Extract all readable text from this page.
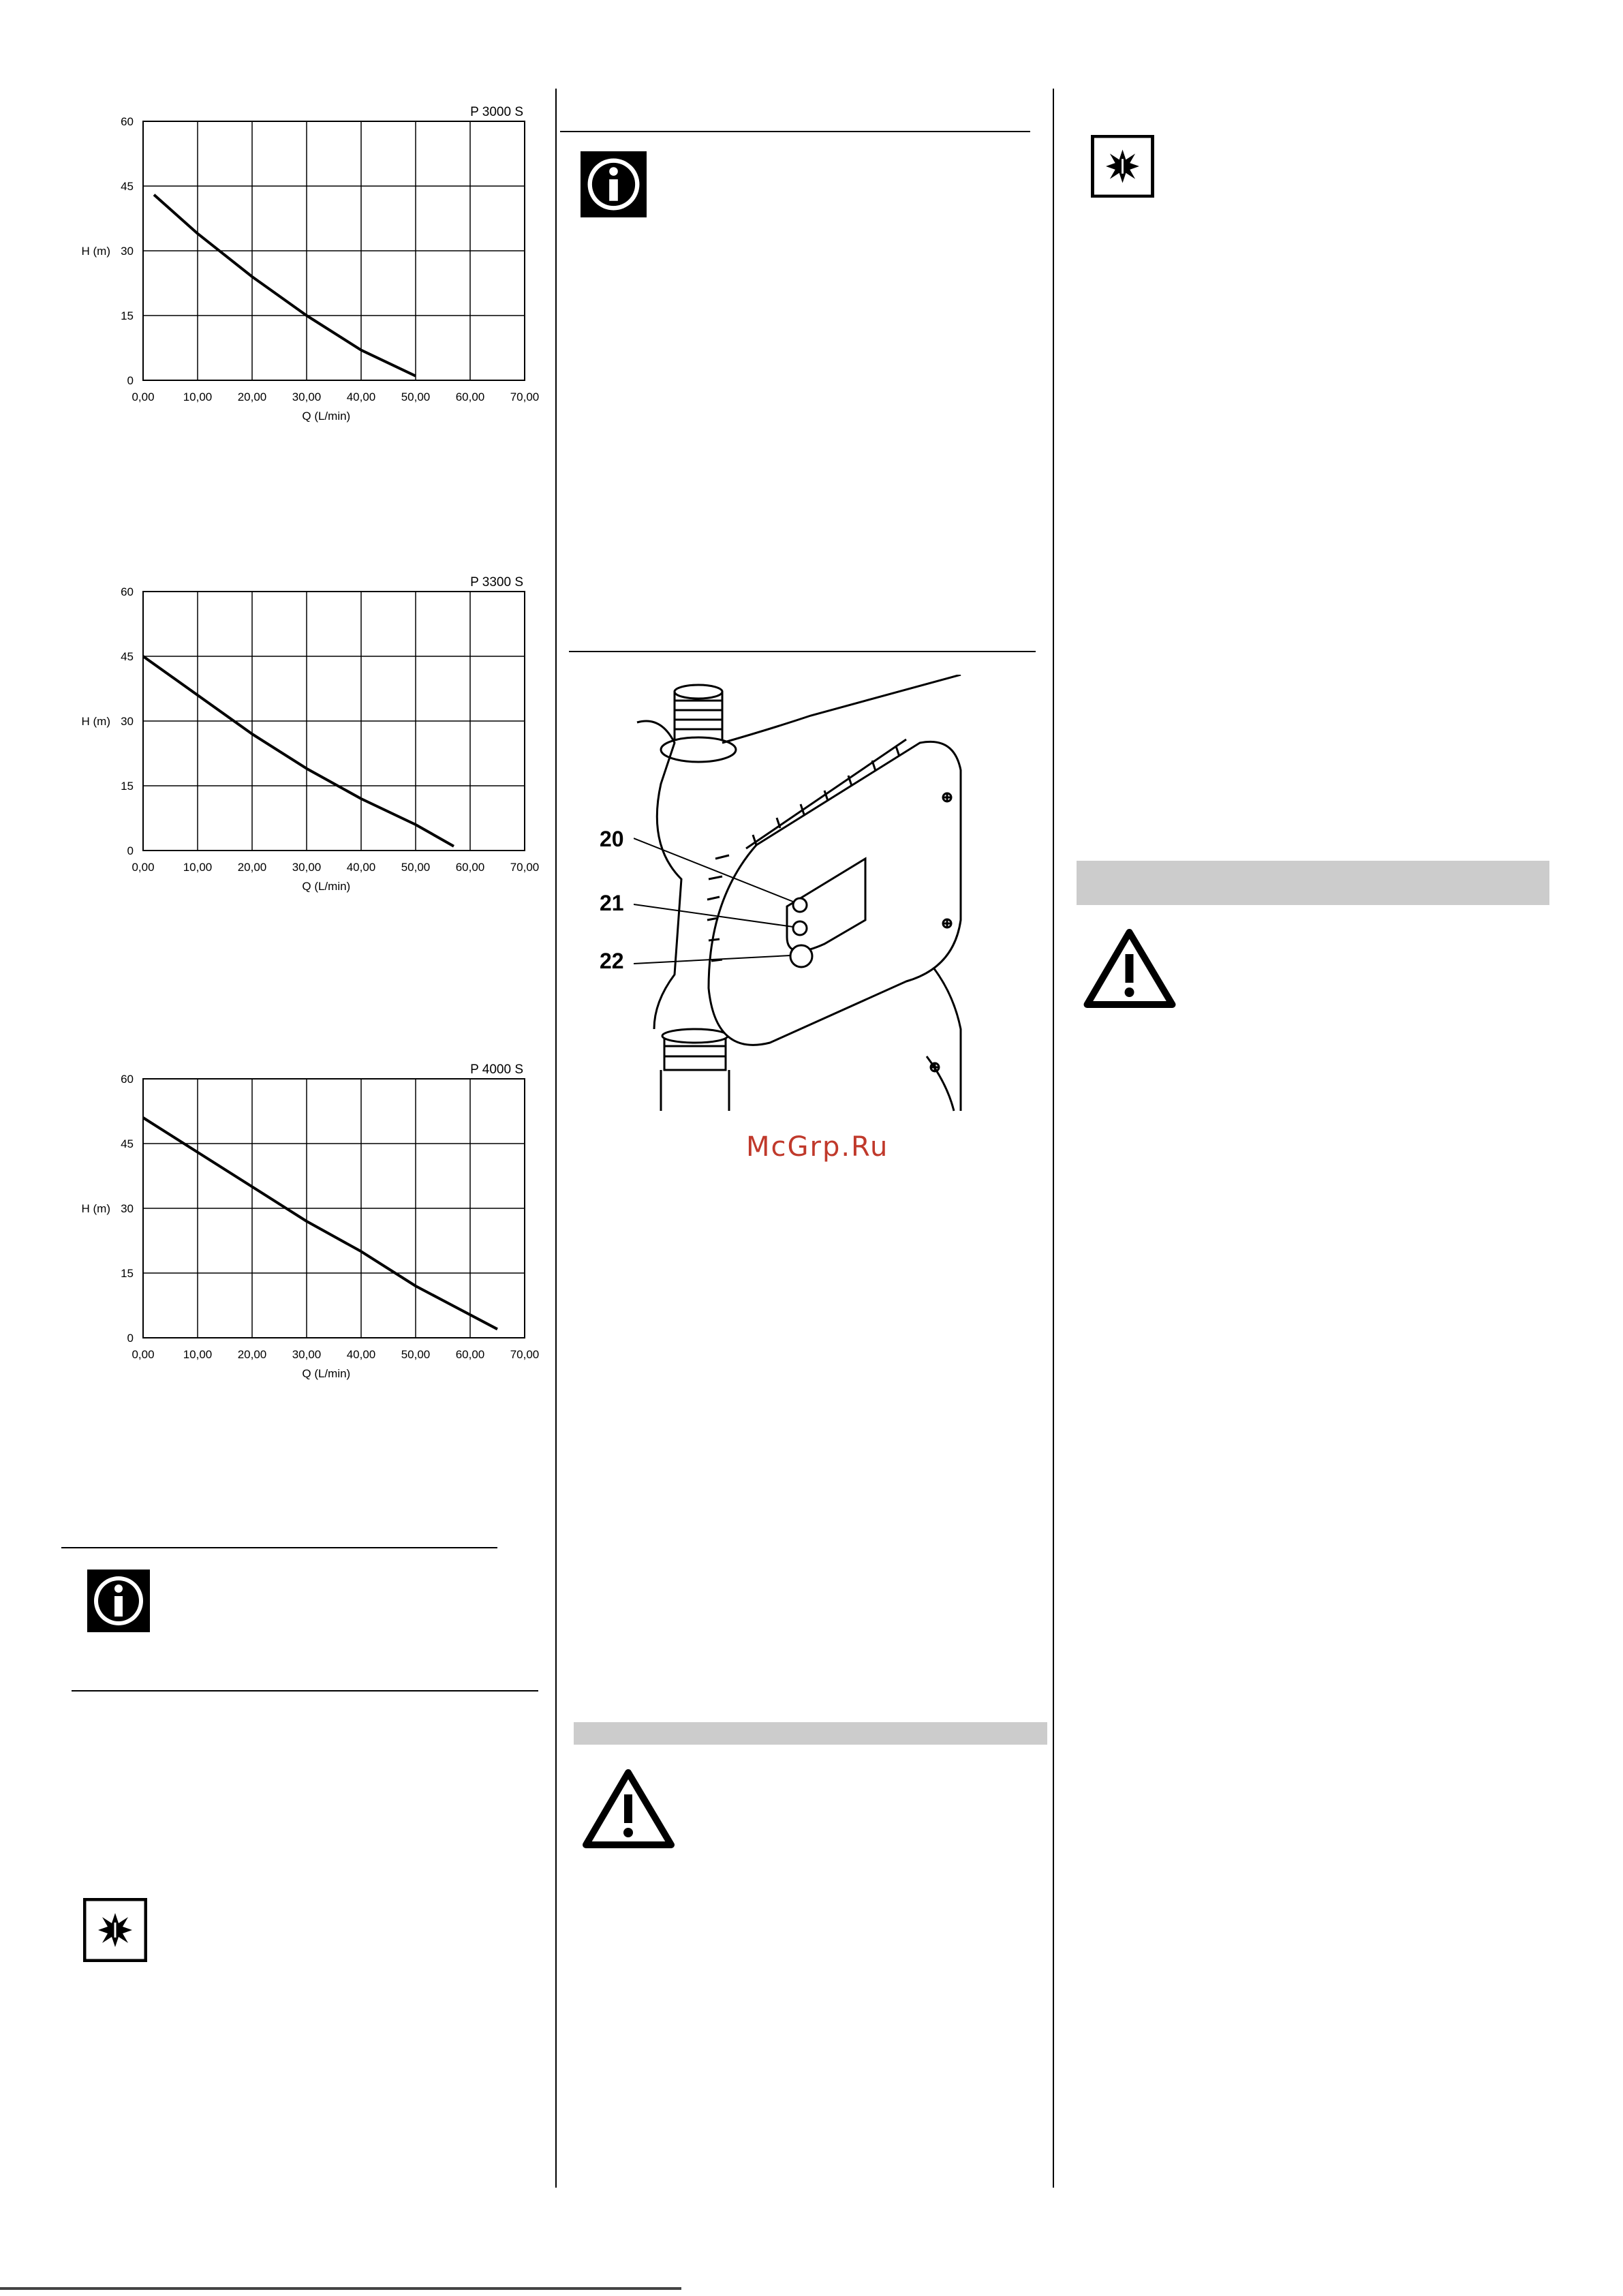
0
15
30
45
60
0,00 10,00 20,00 30,00 40,00 50,00 60,00 70,00
H (m)
Q (L/min)
P 3000 S
0
15
30
45
60
0,00 10,00 20,00 30,00 40,00 50,00 60,00 70,00
H (m)
Q (L/min)
P 3300 S
0
15
30
45
60
0,00 10,00 20,00 30,00 40,00 50,00 60,00 70,00
H (m)
Q (L/min)
P 4000 S
20
21
22
McGrp.Ru
